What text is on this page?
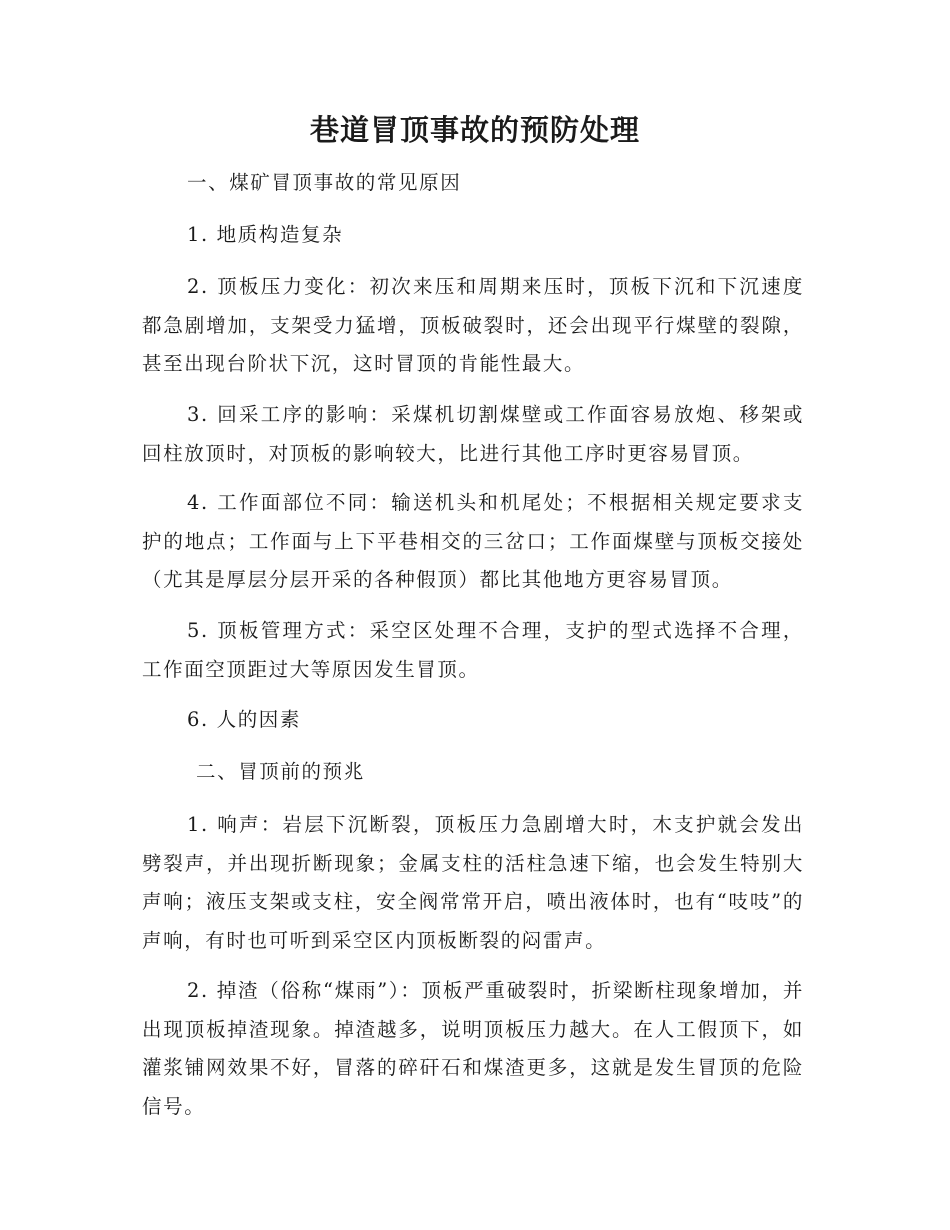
巷道冒顶事故的预防处理

一、煤矿冒顶事故的常见原因

1. 地质构造复杂

2. 顶板压力变化：初次来压和周期来压时，顶板下沉和下沉速度都急剧增加，支架受力猛增，顶板破裂时，还会出现平行煤壁的裂隙，甚至出现台阶状下沉，这时冒顶的肯能性最大。

3. 回采工序的影响：采煤机切割煤壁或工作面容易放炮、移架或回柱放顶时，对顶板的影响较大，比进行其他工序时更容易冒顶。

4. 工作面部位不同：输送机头和机尾处；不根据相关规定要求支护的地点；工作面与上下平巷相交的三岔口；工作面煤壁与顶板交接处（尤其是厚层分层开采的各种假顶）都比其他地方更容易冒顶。

5. 顶板管理方式：采空区处理不合理，支护的型式选择不合理，工作面空顶距过大等原因发生冒顶。

6. 人的因素

二、冒顶前的预兆

1. 响声：岩层下沉断裂，顶板压力急剧增大时，木支护就会发出劈裂声，并出现折断现象；金属支柱的活柱急速下缩，也会发生特别大声响；液压支架或支柱，安全阀常常开启，喷出液体时，也有“吱吱”的声响，有时也可听到采空区内顶板断裂的闷雷声。

2. 掉渣（俗称“煤雨”）：顶板严重破裂时，折梁断柱现象增加，并出现顶板掉渣现象。掉渣越多，说明顶板压力越大。在人工假顶下，如灌浆铺网效果不好，冒落的碎矸石和煤渣更多，这就是发生冒顶的危险信号。
